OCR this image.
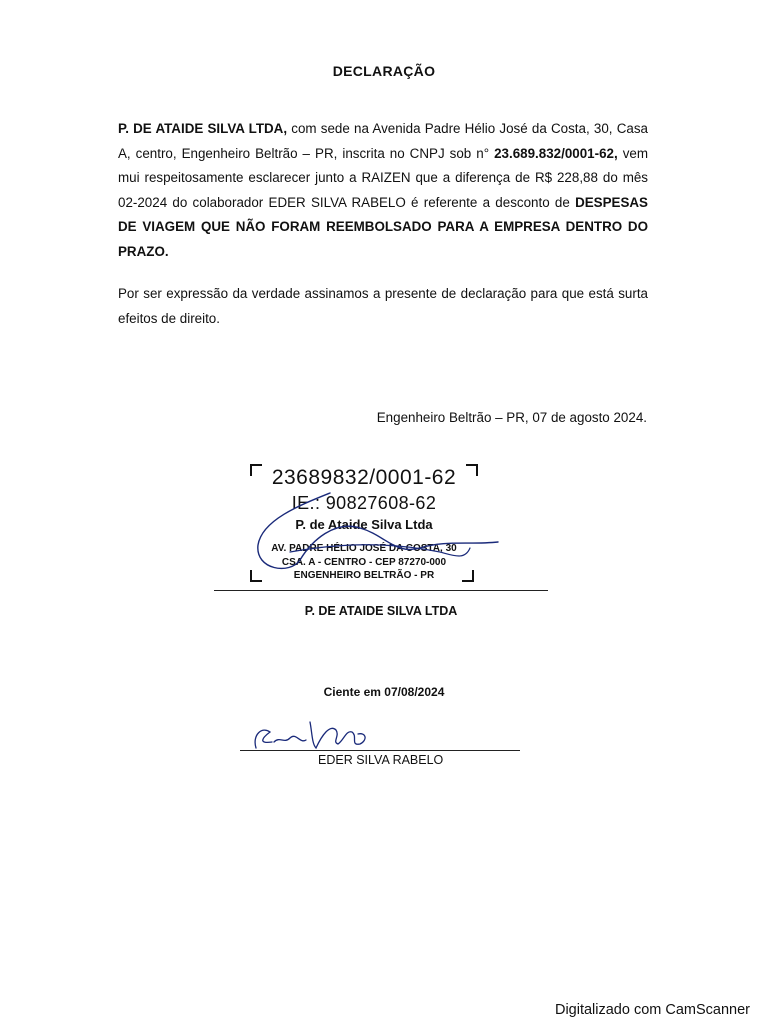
DECLARAÇÃO
P. DE ATAIDE SILVA LTDA, com sede na Avenida Padre Hélio José da Costa, 30, Casa A, centro, Engenheiro Beltrão – PR, inscrita no CNPJ sob n° 23.689.832/0001-62, vem mui respeitosamente esclarecer junto a RAIZEN que a diferença de R$ 228,88 do mês 02-2024 do colaborador EDER SILVA RABELO é referente a desconto de DESPESAS DE VIAGEM QUE NÃO FORAM REEMBOLSADO PARA A EMPRESA DENTRO DO PRAZO.
Por ser expressão da verdade assinamos a presente de declaração para que está surta efeitos de direito.
Engenheiro Beltrão – PR, 07 de agosto 2024.
23689832/0001-62
IE.: 90827608-62
P. de Ataide Silva Ltda
AV. PADRE HÉLIO JOSÉ DA COSTA, 30
CSA. A - CENTRO - CEP 87270-000
ENGENHEIRO BELTRÃO - PR
P. DE ATAIDE SILVA LTDA
Ciente em 07/08/2024
EDER SILVA RABELO
Digitalizado com CamScanner
